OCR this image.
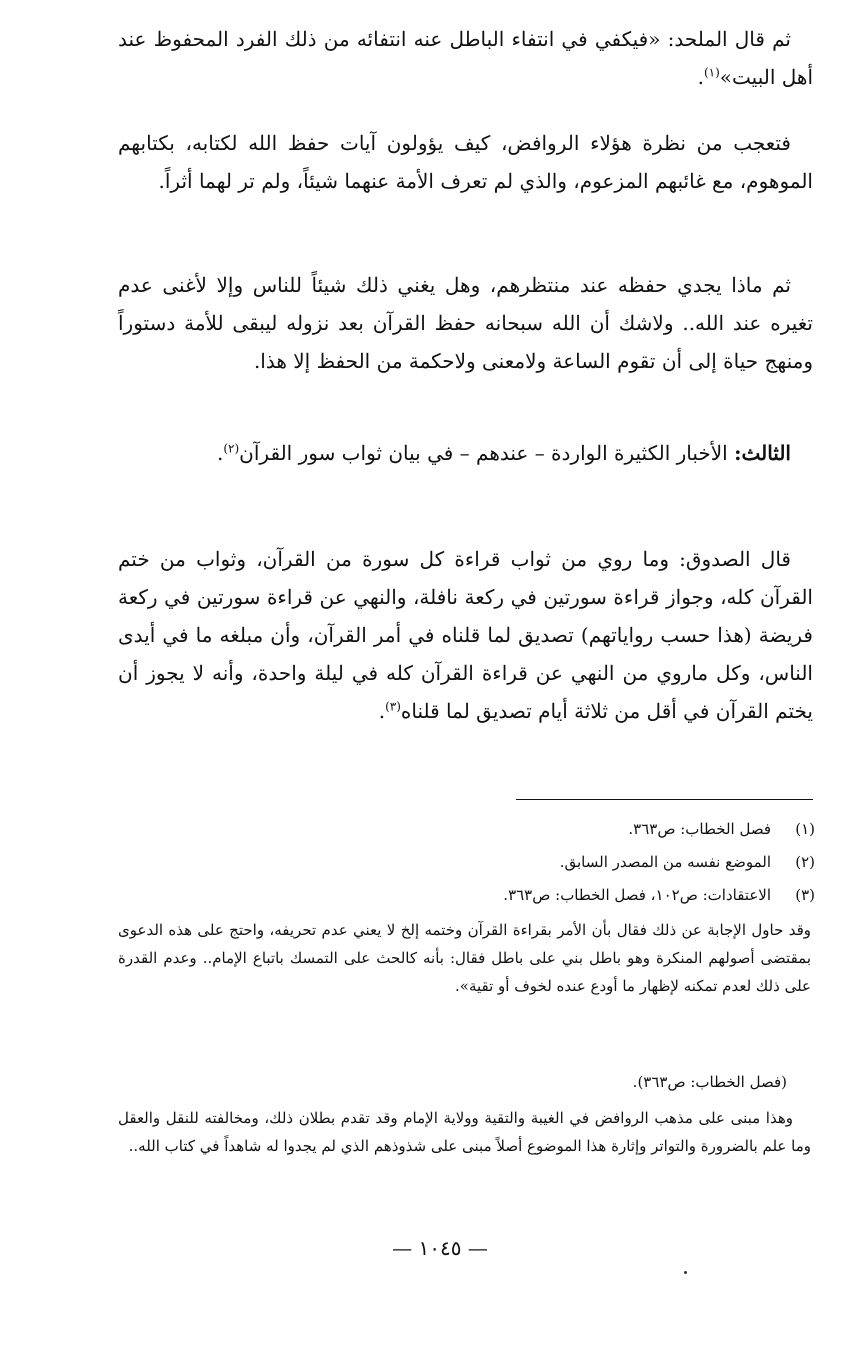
ثم قال الملحد: «فيكفي في انتفاء الباطل عنه انتفائه من ذلك الفرد المحفوظ عند أهل البيت»$^{(١)}$.

فتعجب من نظرة هؤلاء الروافض، كيف يؤولون آيات حفظ الله لكتابه، بكتابهم الموهوم، مع غائبهم المزعوم، والذي لم تعرف الأمة عنهما شيئاً، ولم تر لهما أثراً.

ثم ماذا يجدي حفظه عند منتظرهم، وهل يغني ذلك شيئاً للناس وإلا لأغنى عدم تغيره عند الله.. ولاشك أن الله سبحانه حفظ القرآن بعد نزوله ليبقى للأمة دستوراً ومنهج حياة إلى أن تقوم الساعة ولامعنى ولاحكمة من الحفظ إلا هذا.

الثالث: الأخبار الكثيرة الواردة – عندهم – في بيان ثواب سور القرآن$^{(٢)}$.

قال الصدوق: وما روي من ثواب قراءة كل سورة من القرآن، وثواب من ختم القرآن كله، وجواز قراءة سورتين في ركعة نافلة، والنهي عن قراءة سورتين في ركعة فريضة (هذا حسب رواياتهم) تصديق لما قلناه في أمر القرآن، وأن مبلغه ما في أيدى الناس، وكل ماروي من النهي عن قراءة القرآن كله في ليلة واحدة، وأنه لا يجوز أن يختم القرآن في أقل من ثلاثة أيام تصديق لما قلناه$^{(٣)}$.

(١)فصل الخطاب: ص٣٦٣.

(٢)الموضع نفسه من المصدر السابق.

(٣)الاعتقادات: ص١٠٢، فصل الخطاب: ص٣٦٣.

وقد حاول الإجابة عن ذلك فقال بأن الأمر بقراءة القرآن وختمه إلخ لا يعني عدم تحريفه، واحتج على هذه الدعوى بمقتضى أصولهم المنكرة وهو باطل بني على باطل فقال: بأنه كالحث على التمسك باتباع الإمام.. وعدم القدرة على ذلك لعدم تمكنه لإظهار ما أودع عنده لخوف أو تقية».

(فصل الخطاب: ص٣٦٣).

وهذا مبنى على مذهب الروافض في الغيبة والتقية وولاية الإمام وقد تقدم بطلان ذلك، ومخالفته للنقل والعقل وما علم بالضرورة والتواتر وإثارة هذا الموضوع أصلاً مبنى على شذوذهم الذي لم يجدوا له شاهداً في كتاب الله..

— ١٠٤٥ —
